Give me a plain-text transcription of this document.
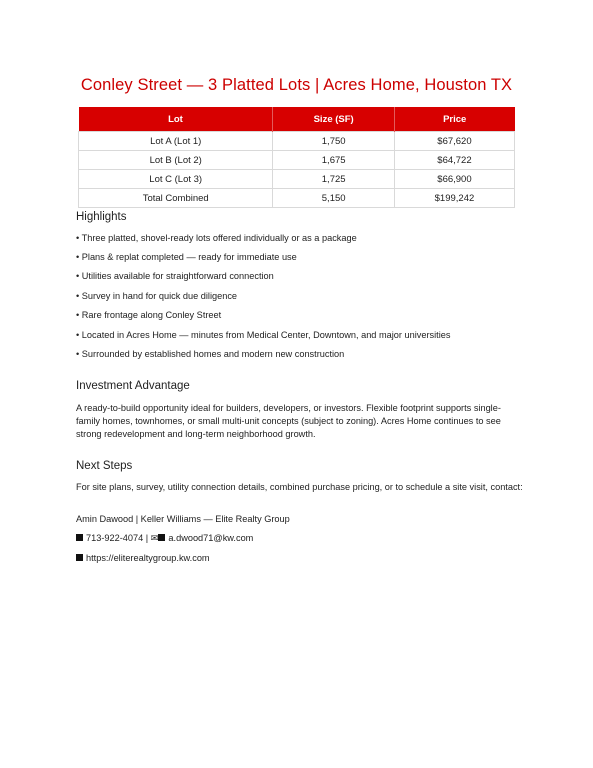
Conley Street — 3 Platted Lots | Acres Home, Houston TX
Lot	Size (SF)	Price
Lot A (Lot 1)	1,750	$67,620
Lot B (Lot 2)	1,675	$64,722
Lot C (Lot 3)	1,725	$66,900
Total Combined	5,150	$199,242
Highlights
• Three platted, shovel-ready lots offered individually or as a package
• Plans & replat completed — ready for immediate use
• Utilities available for straightforward connection
• Survey in hand for quick due diligence
• Rare frontage along Conley Street
• Located in Acres Home — minutes from Medical Center, Downtown, and major universities
• Surrounded by established homes and modern new construction
Investment Advantage
A ready-to-build opportunity ideal for builders, developers, or investors. Flexible footprint supports single-family homes, townhomes, or small multi-unit concepts (subject to zoning). Acres Home continues to see strong redevelopment and long-term neighborhood growth.
Next Steps
For site plans, survey, utility connection details, combined purchase pricing, or to schedule a site visit, contact:
Amin Dawood | Keller Williams — Elite Realty Group
713-922-4074 | ✉ a.dwood71@kw.com
https://eliterealtygroup.kw.com
